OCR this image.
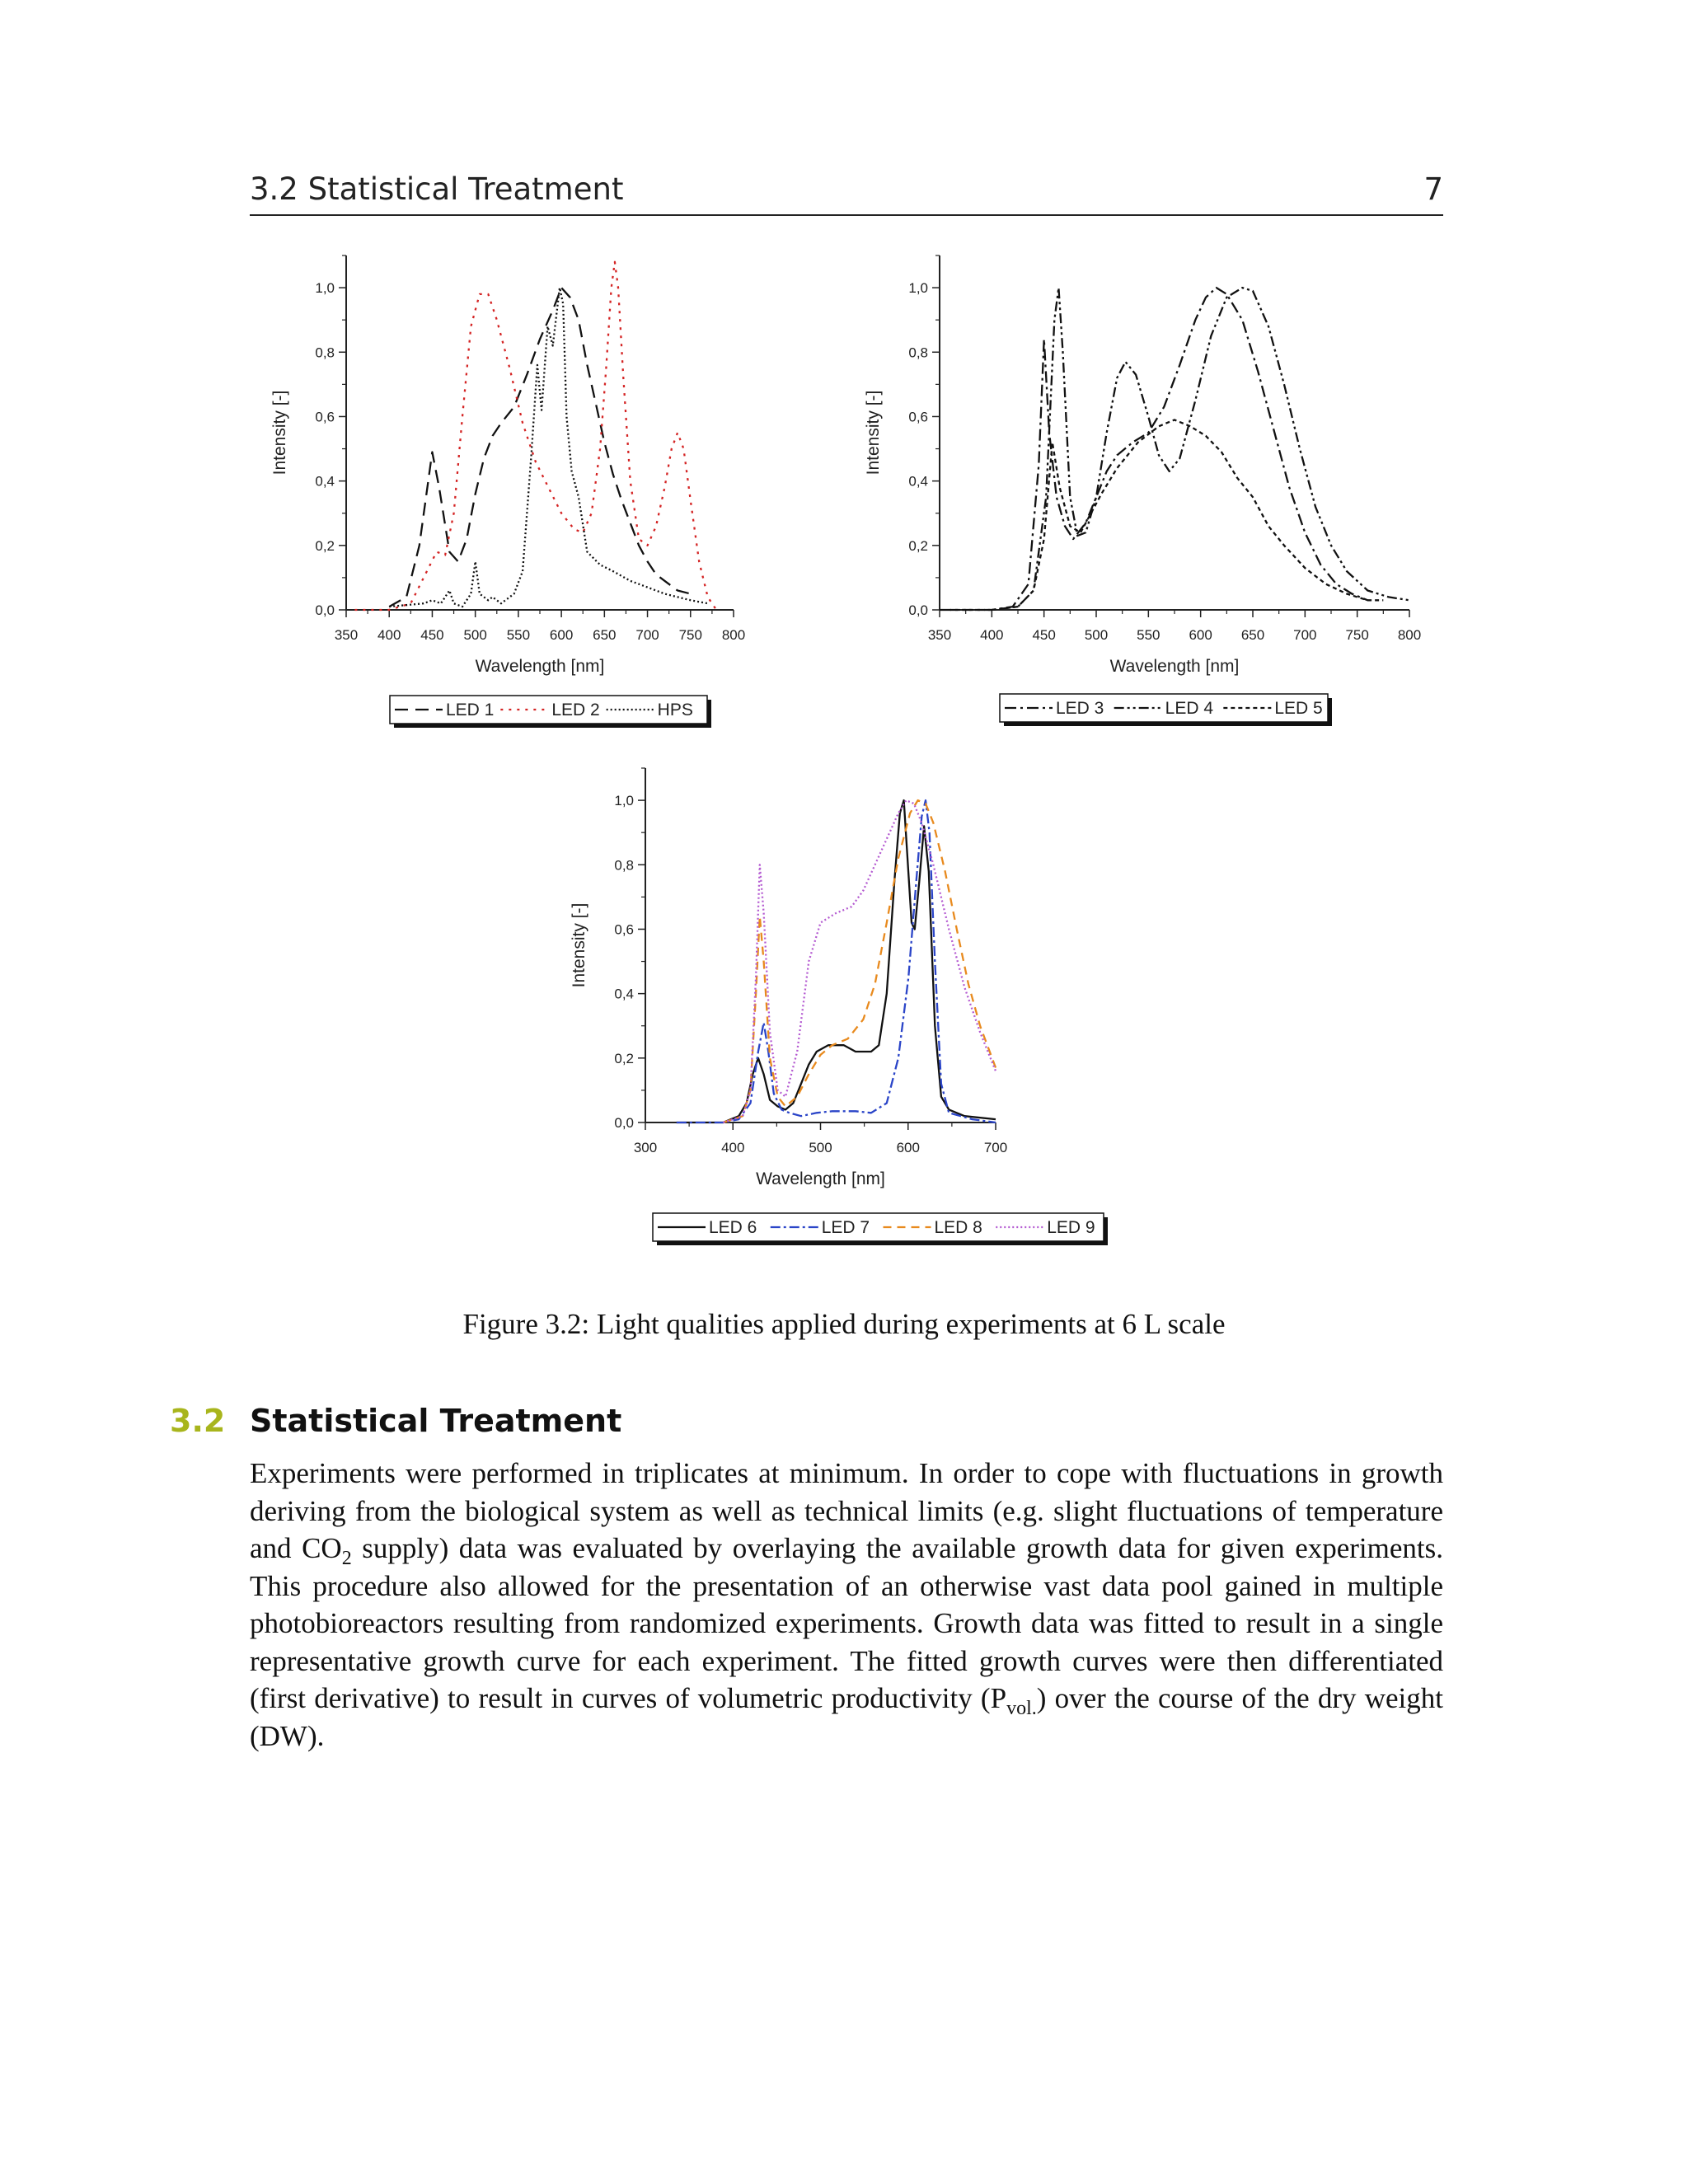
3.2 Statistical Treatment	7
350 400 450 500 550 600 650 700 750 800
0,0
0,2
0,4
0,6
0,8
1,0
Wavelength [nm]
Intensity [-]
LED 1	LED 2	HPS
350 400 450 500 550 600 650 700 750 800
0,0
0,2
0,4
0,6
0,8
1,0
Wavelength [nm]
Intensity [-]
LED 3	LED 4	LED 5
300	400	500	600	700
0,0
0,2
0,4
0,6
0,8
1,0
Wavelength [nm]
Intensity [-]
LED 6	LED 7	LED 8	LED 9
Figure 3.2: Light qualities applied during experiments at 6 L scale
3.2 Statistical Treatment
Experiments were performed in triplicates at minimum. In order to cope with fluctuations in growth deriving from the biological system as well as technical limits (e.g. slight fluctuations of temperature and $CO_2$ supply) data was evaluated by overlaying the available growth data for given experiments. This procedure also allowed for the presentation of an otherwise vast data pool gained in multiple photobioreactors resulting from randomized experiments. Growth data was fitted to result in a single representative growth curve for each experiment. The fitted growth curves were then differentiated (first derivative) to result in curves of volumetric productivity $(P_{vol.})$ over the course of the dry weight (DW).
